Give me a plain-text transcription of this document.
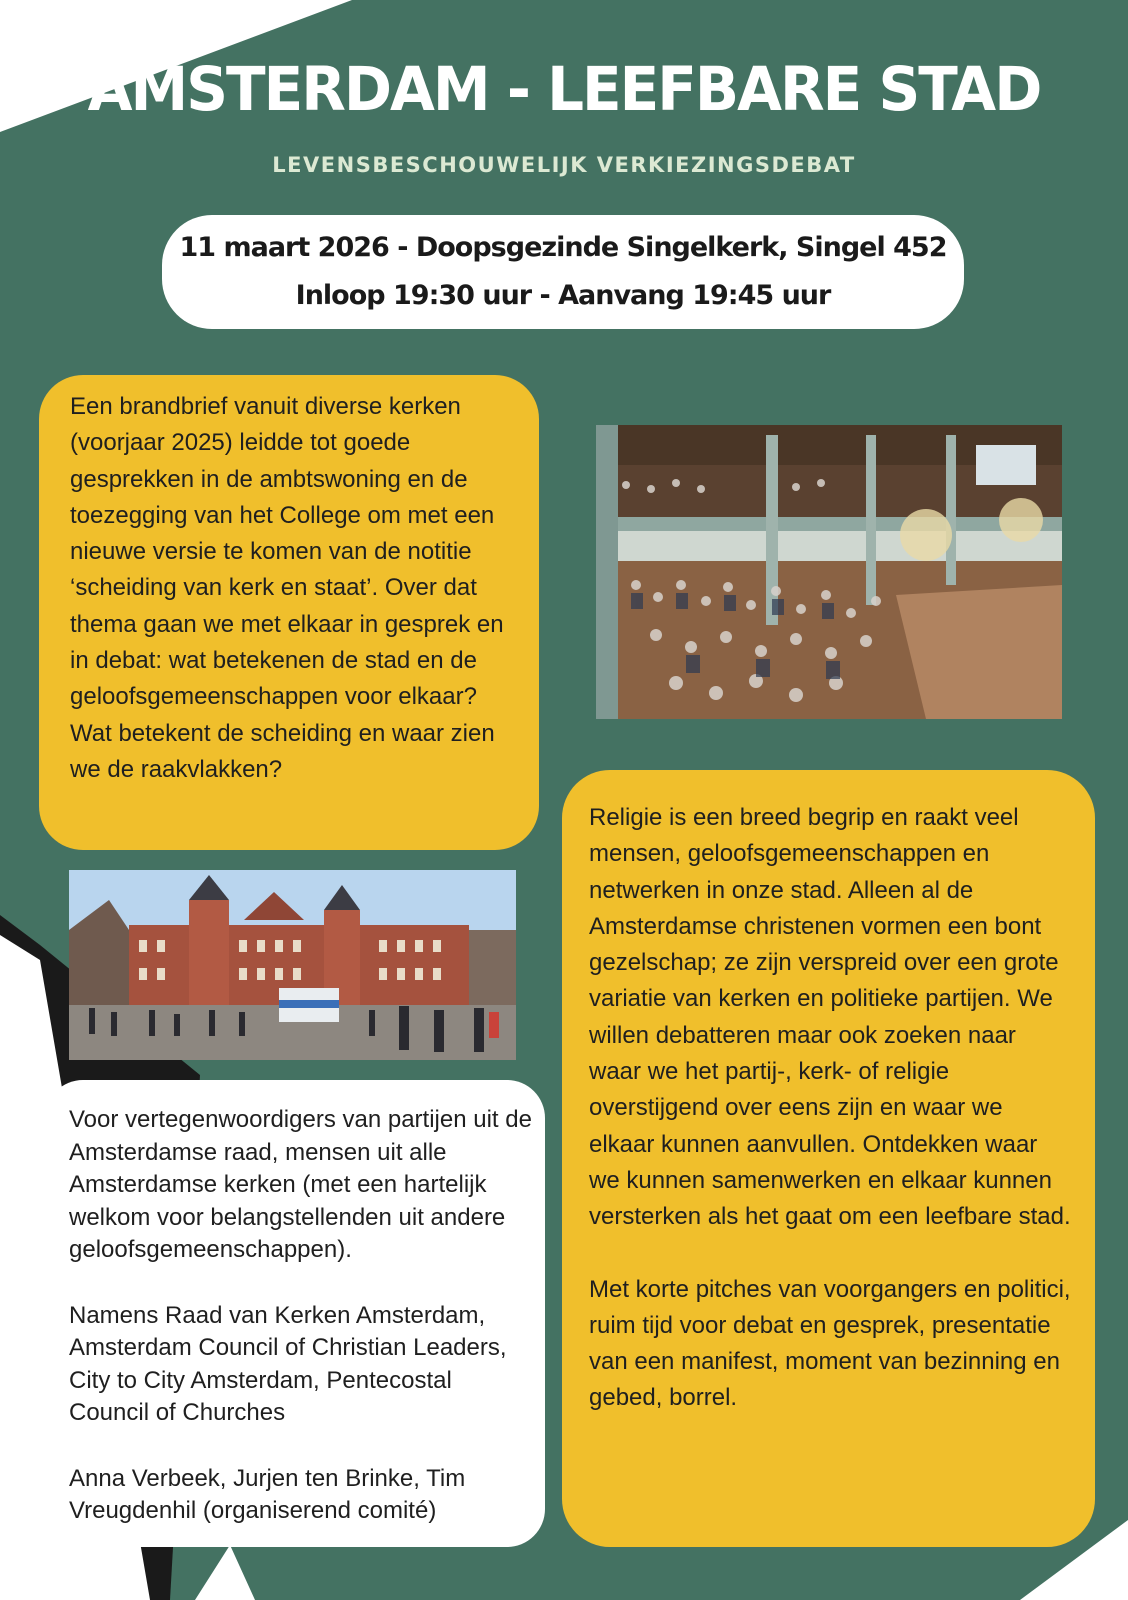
AMSTERDAM - LEEFBARE STAD
LEVENSBESCHOUWELIJK VERKIEZINGSDEBAT
11 maart 2026 - Doopsgezinde Singelkerk, Singel 452
Inloop 19:30 uur - Aanvang 19:45 uur

Een brandbrief vanuit diverse kerken (voorjaar 2025) leidde tot goede gesprekken in de ambtswoning en de toezegging van het College om met een nieuwe versie te komen van de notitie ‘scheiding van kerk en staat’. Over dat thema gaan we met elkaar in gesprek en in debat: wat betekenen de stad en de geloofsgemeenschappen voor elkaar? Wat betekent de scheiding en waar zien we de raakvlakken?

Religie is een breed begrip en raakt veel mensen, geloofsgemeenschappen en netwerken in onze stad. Alleen al de Amsterdamse christenen vormen een bont gezelschap; ze zijn verspreid over een grote variatie van kerken en politieke partijen. We willen debatteren maar ook zoeken naar waar we het partij-, kerk- of religie overstijgend over eens zijn en waar we elkaar kunnen aanvullen. Ontdekken waar we kunnen samenwerken en elkaar kunnen versterken als het gaat om een leefbare stad.

Met korte pitches van voorgangers en politici, ruim tijd voor debat en gesprek, presentatie van een manifest, moment van bezinning en gebed, borrel.

Voor vertegenwoordigers van partijen uit de Amsterdamse raad, mensen uit alle Amsterdamse kerken (met een hartelijk welkom voor belangstellenden uit andere geloofsgemeenschappen).

Namens Raad van Kerken Amsterdam, Amsterdam Council of Christian Leaders, City to City Amsterdam, Pentecostal Council of Churches

Anna Verbeek, Jurjen ten Brinke, Tim Vreugdenhil (organiserend comité)
